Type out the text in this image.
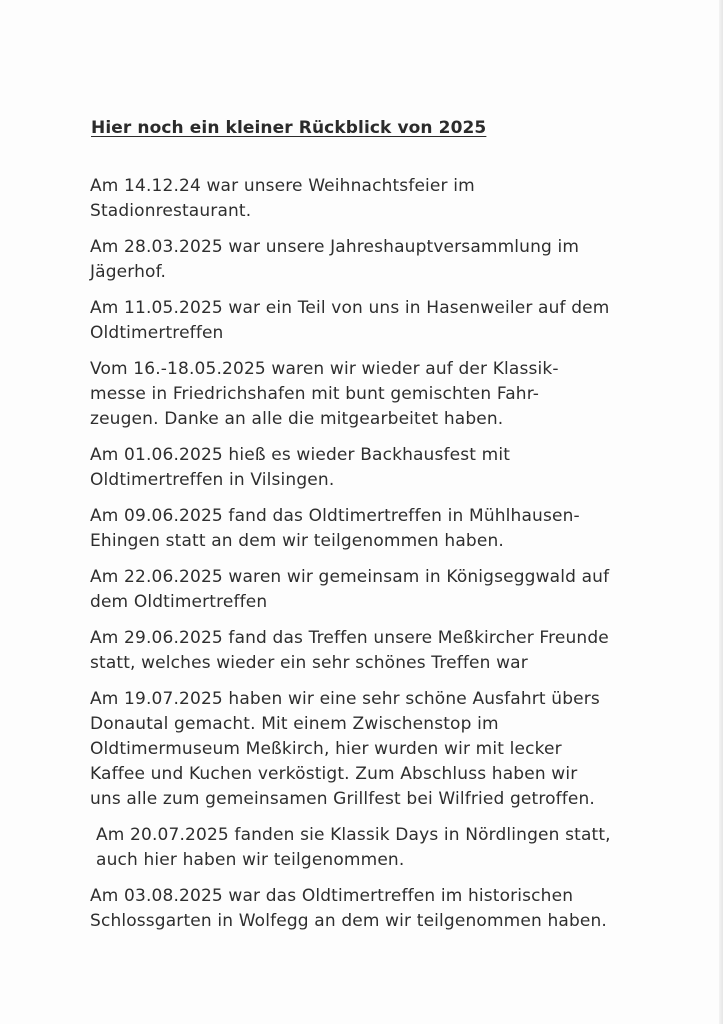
Hier noch ein kleiner Rückblick von 2025
Am 14.12.24 war unsere Weihnachtsfeier im
Stadionrestaurant.
Am 28.03.2025 war unsere Jahreshauptversammlung im
Jägerhof.
Am 11.05.2025 war ein Teil von uns in Hasenweiler auf dem
Oldtimertreffen
Vom 16.-18.05.2025 waren wir wieder auf der Klassik-
messe in Friedrichshafen mit bunt gemischten Fahr-
zeugen. Danke an alle die mitgearbeitet haben.
Am 01.06.2025 hieß es wieder Backhausfest mit
Oldtimertreffen in Vilsingen.
Am 09.06.2025 fand das Oldtimertreffen in Mühlhausen-
Ehingen statt an dem wir teilgenommen haben.
Am 22.06.2025 waren wir gemeinsam in Königseggwald auf
dem Oldtimertreffen
Am 29.06.2025 fand das Treffen unsere Meßkircher Freunde
statt, welches wieder ein sehr schönes Treffen war
Am 19.07.2025 haben wir eine sehr schöne Ausfahrt übers
Donautal gemacht. Mit einem Zwischenstop im
Oldtimermuseum Meßkirch, hier wurden wir mit lecker
Kaffee und Kuchen verköstigt. Zum Abschluss haben wir
uns alle zum gemeinsamen Grillfest bei Wilfried getroffen.
Am 20.07.2025 fanden sie Klassik Days in Nördlingen statt,
auch hier haben wir teilgenommen.
Am 03.08.2025 war das Oldtimertreffen im historischen
Schlossgarten in Wolfegg an dem wir teilgenommen haben.
